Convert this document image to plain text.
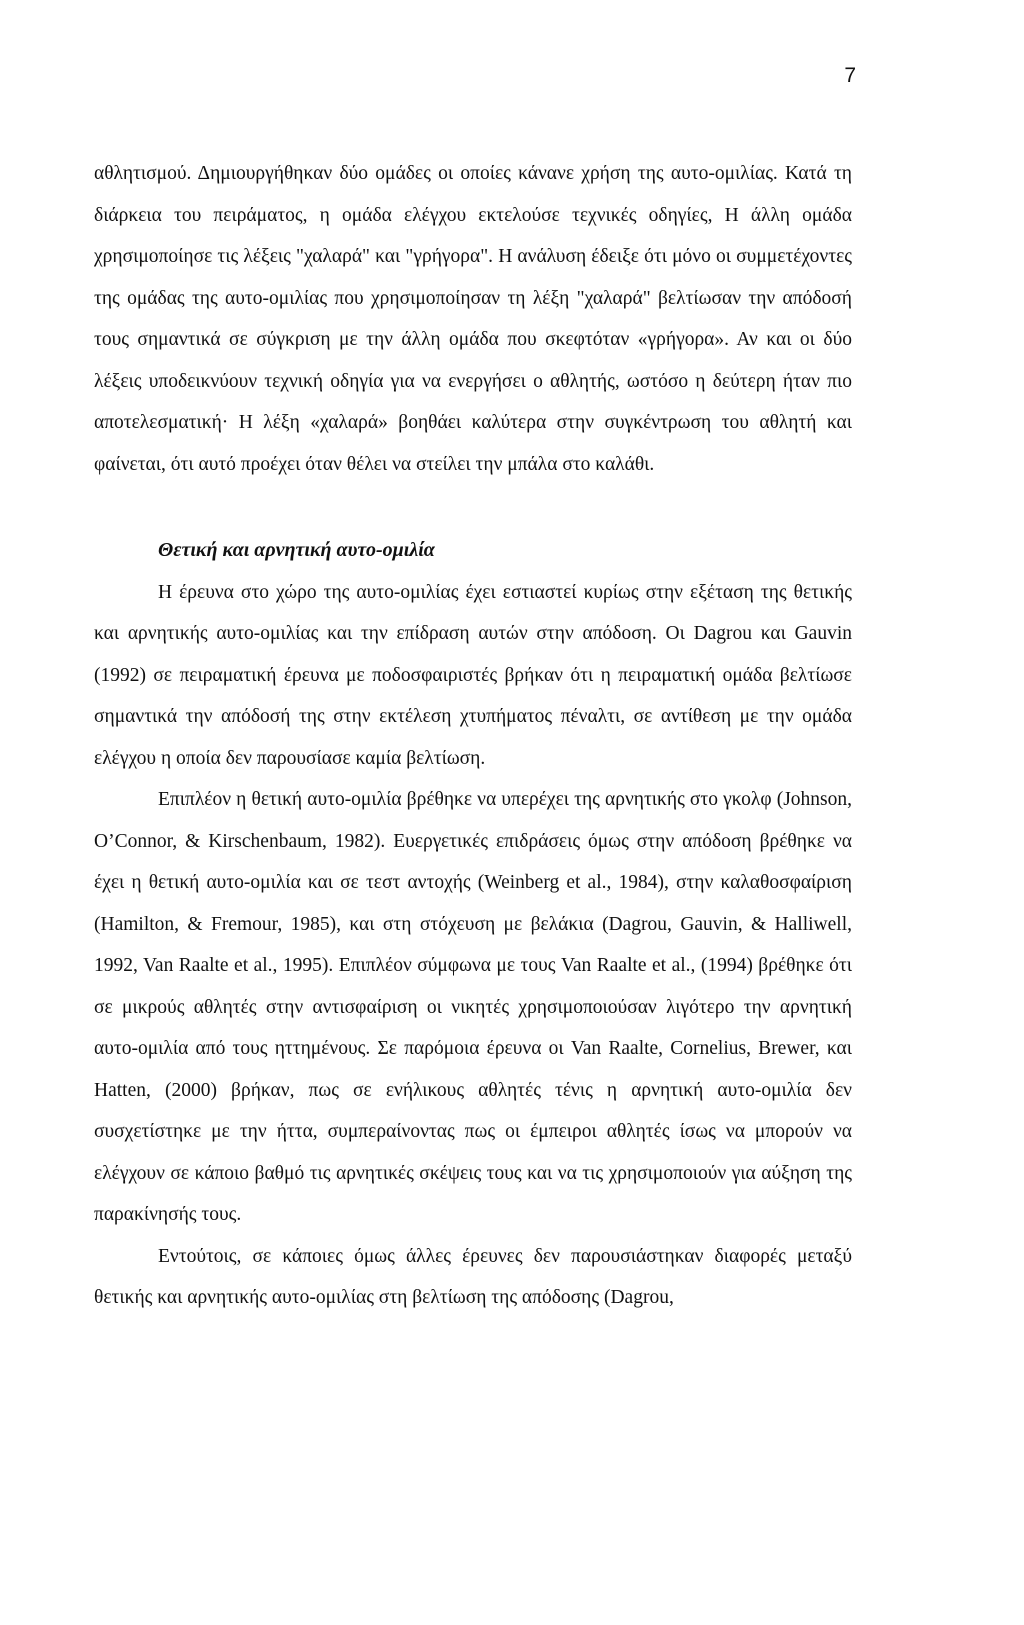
7

αθλητισμού. Δημιουργήθηκαν δύο ομάδες οι οποίες κάνανε χρήση της αυτο-ομιλίας. Κατά τη διάρκεια του πειράματος, η ομάδα ελέγχου εκτελούσε τεχνικές οδηγίες, Η άλλη ομάδα χρησιμοποίησε τις λέξεις "χαλαρά" και "γρήγορα". Η ανάλυση έδειξε ότι μόνο οι συμμετέχοντες της ομάδας της αυτο-ομιλίας που χρησιμοποίησαν τη λέξη "χαλαρά" βελτίωσαν την απόδοσή τους σημαντικά σε σύγκριση με την άλλη ομάδα που σκεφτόταν «γρήγορα». Αν και οι δύο λέξεις υποδεικνύουν τεχνική οδηγία για να ενεργήσει ο αθλητής, ωστόσο η δεύτερη ήταν πιο αποτελεσματική· Η λέξη «χαλαρά» βοηθάει καλύτερα στην συγκέντρωση του αθλητή και φαίνεται, ότι αυτό προέχει όταν θέλει να στείλει την μπάλα στο καλάθι.

Θετική και αρνητική αυτο-ομιλία

Η έρευνα στο χώρο της αυτο-ομιλίας έχει εστιαστεί κυρίως στην εξέταση της θετικής και αρνητικής αυτο-ομιλίας και την επίδραση αυτών στην απόδοση. Οι Dagrou και Gauvin (1992) σε πειραματική έρευνα με ποδοσφαιριστές βρήκαν ότι η πειραματική ομάδα βελτίωσε σημαντικά την απόδοσή της στην εκτέλεση χτυπήματος πέναλτι, σε αντίθεση με την ομάδα ελέγχου η οποία δεν παρουσίασε καμία βελτίωση.

Επιπλέον η θετική αυτο-ομιλία βρέθηκε να υπερέχει της αρνητικής στο γκολφ (Johnson, O’Connor, & Kirschenbaum, 1982). Ευεργετικές επιδράσεις όμως στην απόδοση βρέθηκε να έχει η θετική αυτο-ομιλία και σε τεστ αντοχής (Weinberg et al., 1984), στην καλαθοσφαίριση (Hamilton, & Fremour, 1985), και στη στόχευση με βελάκια (Dagrou, Gauvin, & Halliwell, 1992, Van Raalte et al., 1995). Επιπλέον σύμφωνα με τους Van Raalte et al., (1994) βρέθηκε ότι σε μικρούς αθλητές στην αντισφαίριση οι νικητές χρησιμοποιούσαν λιγότερο την αρνητική αυτο-ομιλία από τους ηττημένους. Σε παρόμοια έρευνα οι Van Raalte, Cornelius, Brewer, και Hatten, (2000) βρήκαν, πως σε ενήλικους αθλητές τένις η αρνητική αυτο-ομιλία δεν συσχετίστηκε με την ήττα, συμπεραίνοντας πως οι έμπειροι αθλητές ίσως να μπορούν να ελέγχουν σε κάποιο βαθμό τις αρνητικές σκέψεις τους και να τις χρησιμοποιούν για αύξηση της παρακίνησής τους.

Εντούτοις, σε κάποιες όμως άλλες έρευνες δεν παρουσιάστηκαν διαφορές μεταξύ θετικής και αρνητικής αυτο-ομιλίας στη βελτίωση της απόδοσης (Dagrou,
